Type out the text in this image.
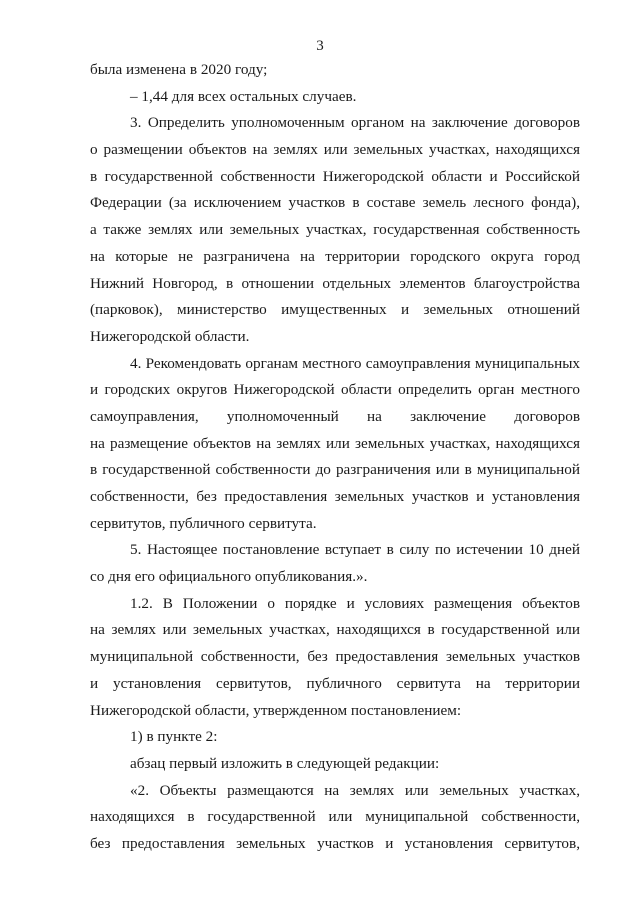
3
была изменена в 2020 году;
– 1,44 для всех остальных случаев.
3. Определить уполномоченным органом на заключение договоров
о размещении объектов на землях или земельных участках, находящихся
в государственной собственности Нижегородской области и Российской
Федерации (за исключением участков в составе земель лесного фонда),
а также землях или земельных участках, государственная собственность
на которые не разграничена на территории городского округа город
Нижний Новгород, в отношении отдельных элементов благоустройства
(парковок), министерство имущественных и земельных отношений
Нижегородской области.
4. Рекомендовать органам местного самоуправления муниципальных
и городских округов Нижегородской области определить орган местного
самоуправления, уполномоченный на заключение договоров
на размещение объектов на землях или земельных участках, находящихся
в государственной собственности до разграничения или в муниципальной
собственности, без предоставления земельных участков и установления
сервитутов, публичного сервитута.
5. Настоящее постановление вступает в силу по истечении 10 дней
со дня его официального опубликования.».
1.2. В Положении о порядке и условиях размещения объектов
на землях или земельных участках, находящихся в государственной или
муниципальной собственности, без предоставления земельных участков
и установления сервитутов, публичного сервитута на территории
Нижегородской области, утвержденном постановлением:
1) в пункте 2:
абзац первый изложить в следующей редакции:
«2. Объекты размещаются на землях или земельных участках,
находящихся в государственной или муниципальной собственности,
без предоставления земельных участков и установления сервитутов,
